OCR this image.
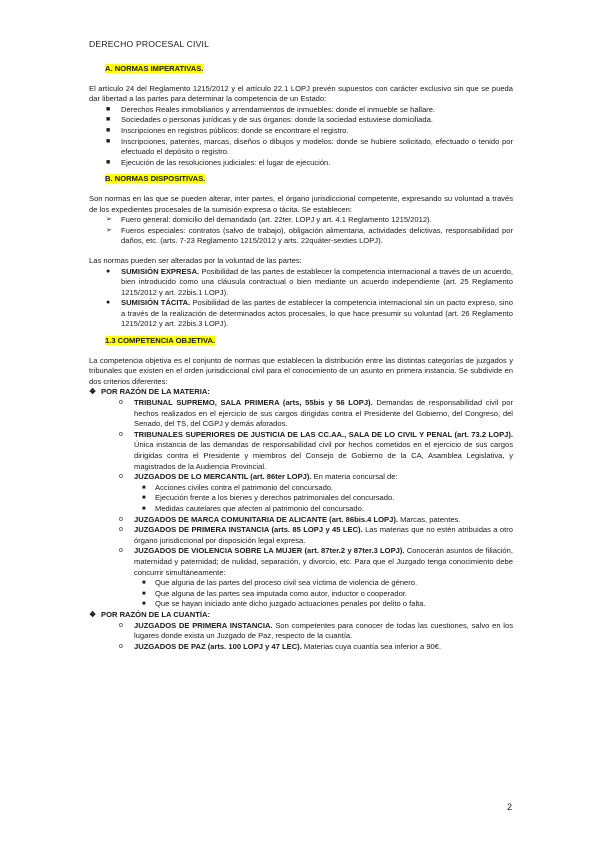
DERECHO PROCESAL CIVIL
A. NORMAS IMPERATIVAS.

El artículo 24 del Reglamento 1215/2012 y el artículo 22.1 LOPJ prevén supuestos con carácter exclusivo sin que se pueda dar libertad a las partes para determinar la competencia de un Estado:

■ Derechos Reales inmobiliarios y arrendamientos de inmuebles: donde el inmueble se hallare.
■ Sociedades o personas jurídicas y de sus órganos: donde la sociedad estuviese domiciliada.
■ Inscripciones en registros públicos: donde se encontrare el registro.
■ Inscripciones, patentes, marcas, diseños o dibujos y modelos: donde se hubiere solicitado, efectuado o tenido por efectuado el depósito o registro.
■ Ejecución de las resoluciones judiciales: el lugar de ejecución.
B. NORMAS DISPOSITIVAS.

Son normas en las que se pueden alterar, inter partes, el órgano jurisdiccional competente, expresando su voluntad a través de los expedientes procesales de la sumisión expresa o tácita. Se establecen:

➢ Fuero general: domicilio del demandado (art. 22ter. LOPJ y art. 4.1 Reglamento 1215/2012).
➢ Fueros especiales: contratos (salvo de trabajo), obligación alimentaria, actividades delictivas, responsabilidad por daños, etc. (arts. 7-23 Reglamento 1215/2012 y arts. 22quáter-sexties LOPJ).

Las normas pueden ser alteradas por la voluntad de las partes:

● SUMISIÓN EXPRESA. Posibilidad de las partes de establecer la competencia internacional a través de un acuerdo, bien introducido como una cláusula contractual o bien mediante un acuerdo independiente (art. 25 Reglamento 1215/2012 y art. 22bis.1 LOPJ).
● SUMISIÓN TÁCITA. Posibilidad de las partes de establecer la competencia internacional sin un pacto expreso, sino a través de la realización de determinados actos procesales, lo que hace presumir su voluntad (art. 26 Reglamento 1215/2012 y art. 22bis.3 LOPJ).
1.3 COMPETENCIA OBJETIVA.

La competencia objetiva es el conjunto de normas que establecen la distribución entre las distintas categorías de juzgados y tribunales que existen en el orden jurisdiccional civil para el conocimiento de un asunto en primera instancia. Se subdivide en dos criterios diferentes:

❖ POR RAZÓN DE LA MATERIA:
o TRIBUNAL SUPREMO, SALA PRIMERA (arts, 55bis y 56 LOPJ). Demandas de responsabilidad civil por hechos realizados en el ejercicio de sus cargos dirigidas contra el Presidente del Gobierno, del Congreso, del Senado, del TS, del CGPJ y demás aforados.
o TRIBUNALES SUPERIORES DE JUSTICIA DE LAS CC.AA., SALA DE LO CIVIL Y PENAL (art. 73.2 LOPJ). Única instancia de las demandas de responsabilidad civil por hechos cometidos en el ejercicio de sus cargos dirigidas contra el Presidente y miembros del Consejo de Gobierno de la CA, Asamblea Legislativa, y magistrados de la Audiencia Provincial.
o JUZGADOS DE LO MERCANTIL (art. 86ter LOPJ). En materia concursal de:
■ Acciones civiles contra el patrimonio del concursado.
■ Ejecución frente a los bienes y derechos patrimoniales del concursado.
■ Medidas cautelares que afecten al patrimonio del concursado.
o JUZGADOS DE MARCA COMUNITARIA DE ALICANTE (art. 86bis.4 LOPJ). Marcas, patentes.
o JUZGADOS DE PRIMERA INSTANCIA (arts. 85 LOPJ y 45 LEC). Las materias que no estén atribuidas a otro órgano jurisdiccional por disposición legal expresa.
o JUZGADOS DE VIOLENCIA SOBRE LA MUJER (art. 87ter.2 y 87ter.3 LOPJ). Conocerán asuntos de filiación, maternidad y paternidad; de nulidad, separación, y divorcio, etc. Para que el Juzgado tenga conocimiento debe concurrir simultáneamente:
■ Que alguna de las partes del proceso civil sea víctima de violencia de género.
■ Que alguna de las partes sea imputada como autor, inductor o cooperador.
■ Que se hayan iniciado ante dicho juzgado actuaciones penales por delito o falta.
❖ POR RAZÓN DE LA CUANTÍA:
o JUZGADOS DE PRIMERA INSTANCIA. Son competentes para conocer de todas las cuestiones, salvo en los lugares donde exista un Juzgado de Paz, respecto de la cuantía.
o JUZGADOS DE PAZ (arts. 100 LOPJ y 47 LEC). Materias cuya cuantía sea inferior a 90€.
2
